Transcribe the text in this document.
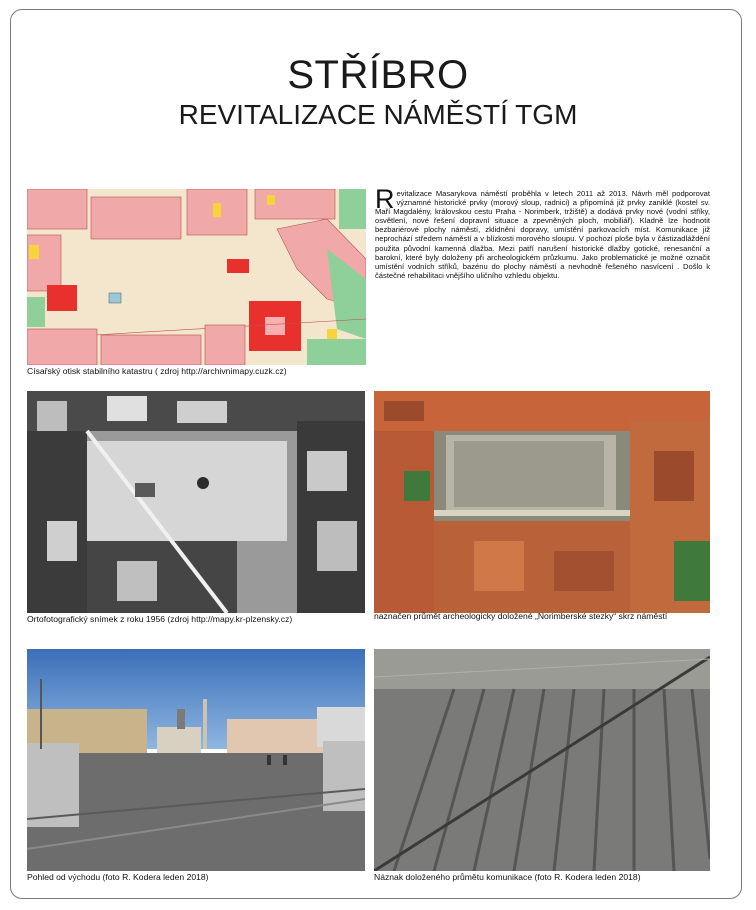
STŘÍBRO
REVITALIZACE NÁMĚSTÍ TGM
Císařský otisk stabilního katastru ( zdroj http://archivnimapy.cuzk.cz)
Revitalizace Masarykova náměstí proběhla v letech 2011 až 2013. Návrh měl podporovat významné historické prvky (morový sloup, radnici) a připomíná již prvky zaniklé (kostel sv. Maří Magdalény, královskou cestu Praha - Norimberk, tržiště) a dodává prvky nové (vodní stříky, osvětlení, nové řešení dopravní situace a zpevněných ploch, mobiliář). Kladně lze hodnotit bezbariérové plochy náměstí, zklidnění dopravy, umístění parkovacích míst. Komunikace již neprochází středem náměstí a v blízkosti morového sloupu. V pochozí ploše byla v částizadláždění použita původní kamenná dlažba. Mezi patří narušení historické dlažby gotické, renesanční a barokní, které byly doloženy při archeologickém průzkumu. Jako problematické je možné označit umístění vodních stříků, bazénu do plochy náměstí a nevhodně řešeného nasvícení . Došlo k částečné rehabilitaci vnějšího uličního vzhledu objektu.
Ortofotografický snímek z roku 1956 (zdroj http://mapy.kr-plzensky.cz)	naznačen průmět archeologicky doložené „Norimberské stezky“ skrz náměstí
Pohled od východu (foto R. Kodera leden 2018)	Náznak doloženého průmětu komunikace (foto R. Kodera leden 2018)
